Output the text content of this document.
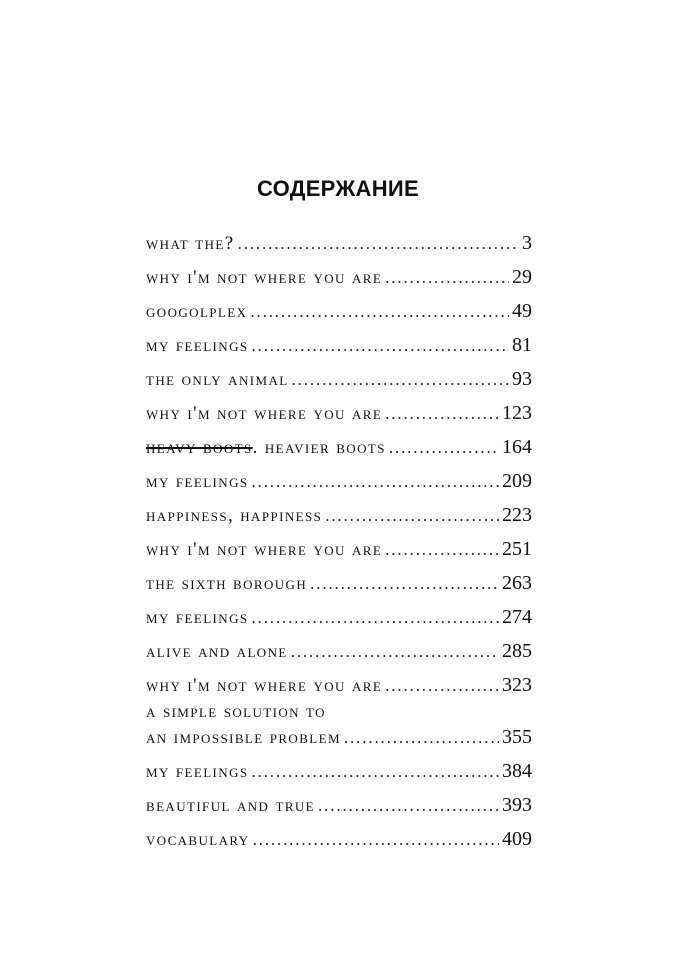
СОДЕРЖАНИЕ
what the? . . .	3
why i'm not where you are . . .	29
googolplex . . .	49
my feelings . . .	81
the only animal . . .	93
why i'm not where you are . . .	123
heavy boots. heavier boots . . .	164
my feelings . . .	209
happiness, happiness . . .	223
why i'm not where you are . . .	251
the sixth borough . . .	263
my feelings . . .	274
alive and alone . . .	285
why i'm not where you are . . .	323
a simple solution to
an impossible problem . . .	355
my feelings . . .	384
beautiful and true . . .	393
vocabulary . . .	409
